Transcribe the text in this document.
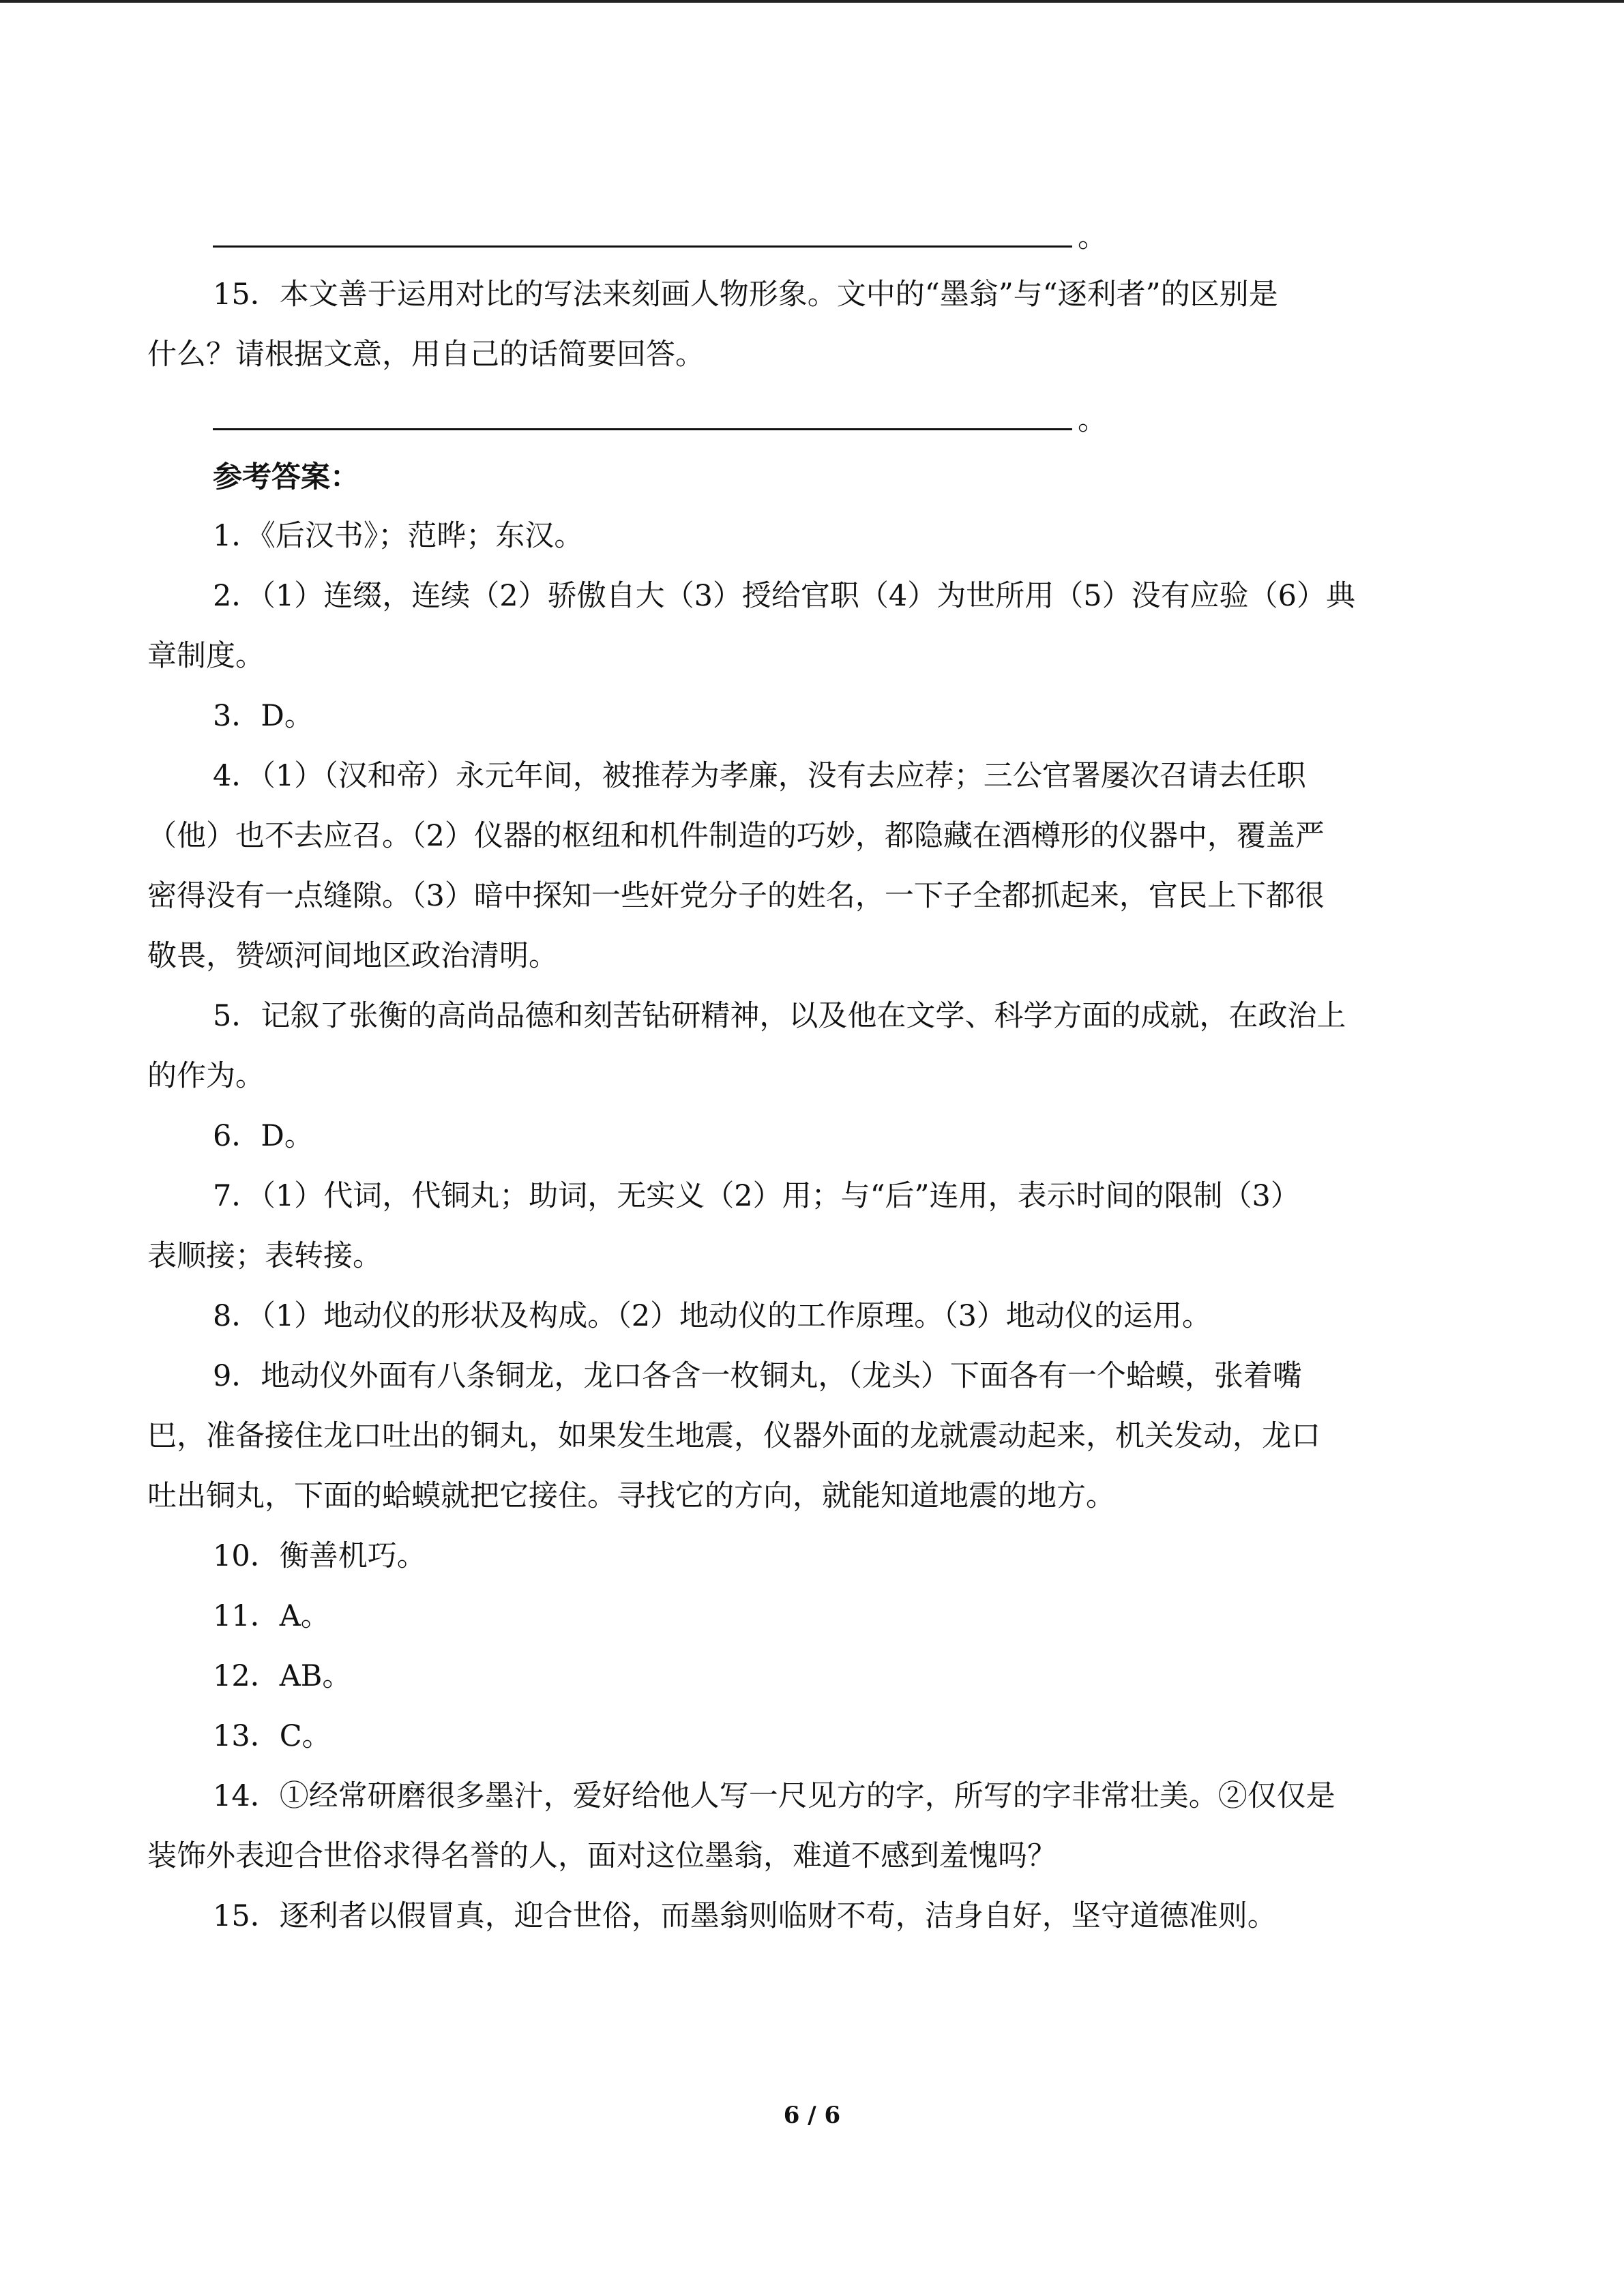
。
15．本文善于运用对比的写法来刻画人物形象。文中的“墨翁”与“逐利者”的区别是
什么？请根据文意，用自己的话简要回答。
。
参考答案：
1．《后汉书》；范晔；东汉。
2．（1）连缀，连续（2）骄傲自大（3）授给官职（4）为世所用（5）没有应验（6）典
章制度。
3．D。
4．（1）（汉和帝）永元年间，被推荐为孝廉，没有去应荐；三公官署屡次召请去任职
（他）也不去应召。（2）仪器的枢纽和机件制造的巧妙，都隐藏在酒樽形的仪器中，覆盖严
密得没有一点缝隙。（3）暗中探知一些奸党分子的姓名，一下子全都抓起来，官民上下都很
敬畏，赞颂河间地区政治清明。
5．记叙了张衡的高尚品德和刻苦钻研精神，以及他在文学、科学方面的成就，在政治上
的作为。
6．D。
7．（1）代词，代铜丸；助词，无实义（2）用；与“后”连用，表示时间的限制（3）
表顺接；表转接。
8．（1）地动仪的形状及构成。（2）地动仪的工作原理。（3）地动仪的运用。
9．地动仪外面有八条铜龙，龙口各含一枚铜丸，（龙头）下面各有一个蛤蟆，张着嘴
巴，准备接住龙口吐出的铜丸，如果发生地震，仪器外面的龙就震动起来，机关发动，龙口
吐出铜丸，下面的蛤蟆就把它接住。寻找它的方向，就能知道地震的地方。
10．衡善机巧。
11．A。
12．AB。
13．C。
14．①经常研磨很多墨汁，爱好给他人写一尺见方的字，所写的字非常壮美。②仅仅是
装饰外表迎合世俗求得名誉的人，面对这位墨翁，难道不感到羞愧吗？
15．逐利者以假冒真，迎合世俗，而墨翁则临财不苟，洁身自好，坚守道德准则。
6 / 6
